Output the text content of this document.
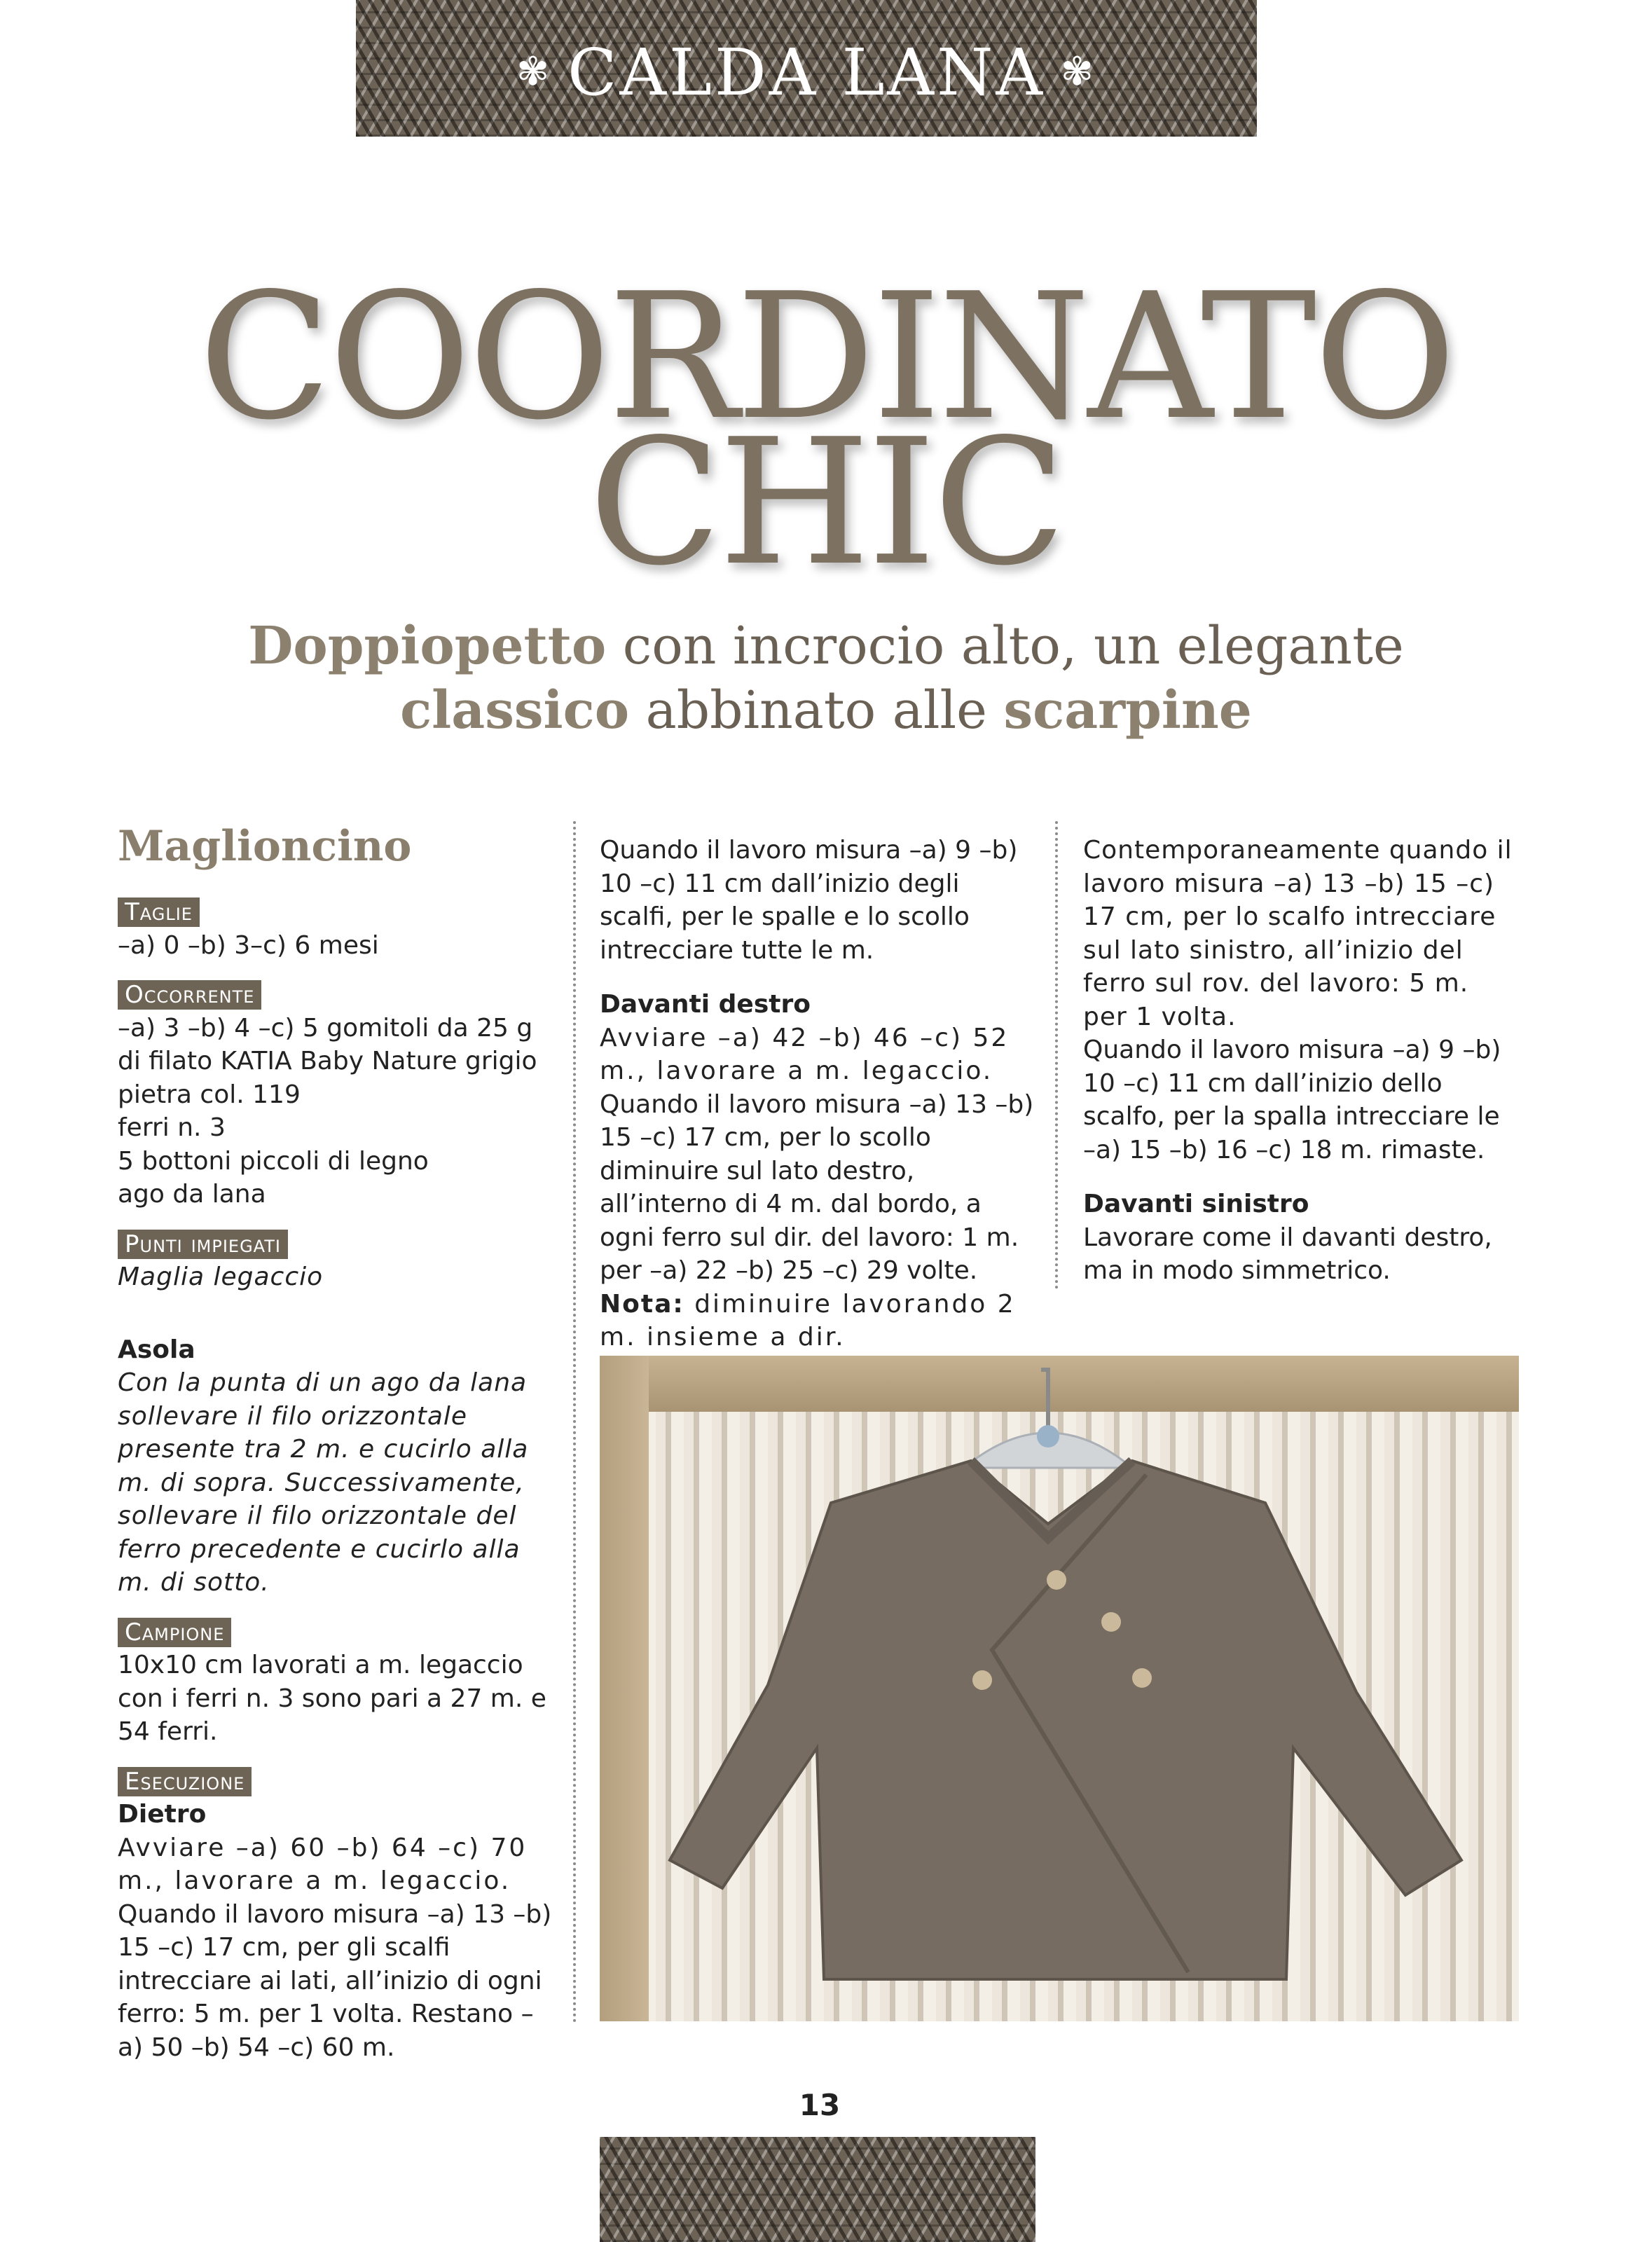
✾ CALDA LANA ✾
COORDINATO
CHIC

Doppiopetto con incrocio alto, un elegante

classico abbinato alle scarpine

Maglioncino
Taglie

–a) 0 –b) 3–c) 6 mesi

Occorrente

–a) 3 –b) 4 –c) 5 gomitoli da 25 g di filato KATIA Baby Nature grigio pietra col. 119

ferri n. 3

5 bottoni piccoli di legno

ago da lana

Punti impiegati

Maglia legaccio

Asola

Con la punta di un ago da lana sollevare il filo orizzontale presente tra 2 m. e cucirlo alla m. di sopra. Successivamente, sollevare il filo orizzontale del ferro precedente e cucirlo alla m. di sotto.

Campione

10x10 cm lavorati a m. legaccio con i ferri n. 3 sono pari a 27 m. e 54 ferri.

Esecuzione

Dietro

Avviare –a) 60 –b) 64 –c) 70 m., lavorare a m. legaccio.

Quando il lavoro misura –a) 13 –b) 15 –c) 17 cm, per gli scalfi intrecciare ai lati, all’inizio di ogni ferro: 5 m. per 1 volta. Restano –a) 50 –b) 54 –c) 60 m.

Quando il lavoro misura –a) 9 –b) 10 –c) 11 cm dall’inizio degli scalfi, per le spalle e lo scollo intrecciare tutte le m.

Davanti destro

Avviare –a) 42 –b) 46 –c) 52 m., lavorare a m. legaccio.

Quando il lavoro misura –a) 13 –b) 15 –c) 17 cm, per lo scollo diminuire sul lato destro, all’interno di 4 m. dal bordo, a ogni ferro sul dir. del lavoro: 1 m. per –a) 22 –b) 25 –c) 29 volte.

Nota: diminuire lavorando 2 m. insieme a dir.

Contemporaneamente quando il lavoro misura –a) 13 –b) 15 –c) 17 cm, per lo scalfo intrecciare sul lato sinistro, all’inizio del ferro sul rov. del lavoro: 5 m. per 1 volta.

Quando il lavoro misura –a) 9 –b) 10 –c) 11 cm dall’inizio dello scalfo, per la spalla intrecciare le –a) 15 –b) 16 –c) 18 m. rimaste.

Davanti sinistro

Lavorare come il davanti destro, ma in modo simmetrico.

13
